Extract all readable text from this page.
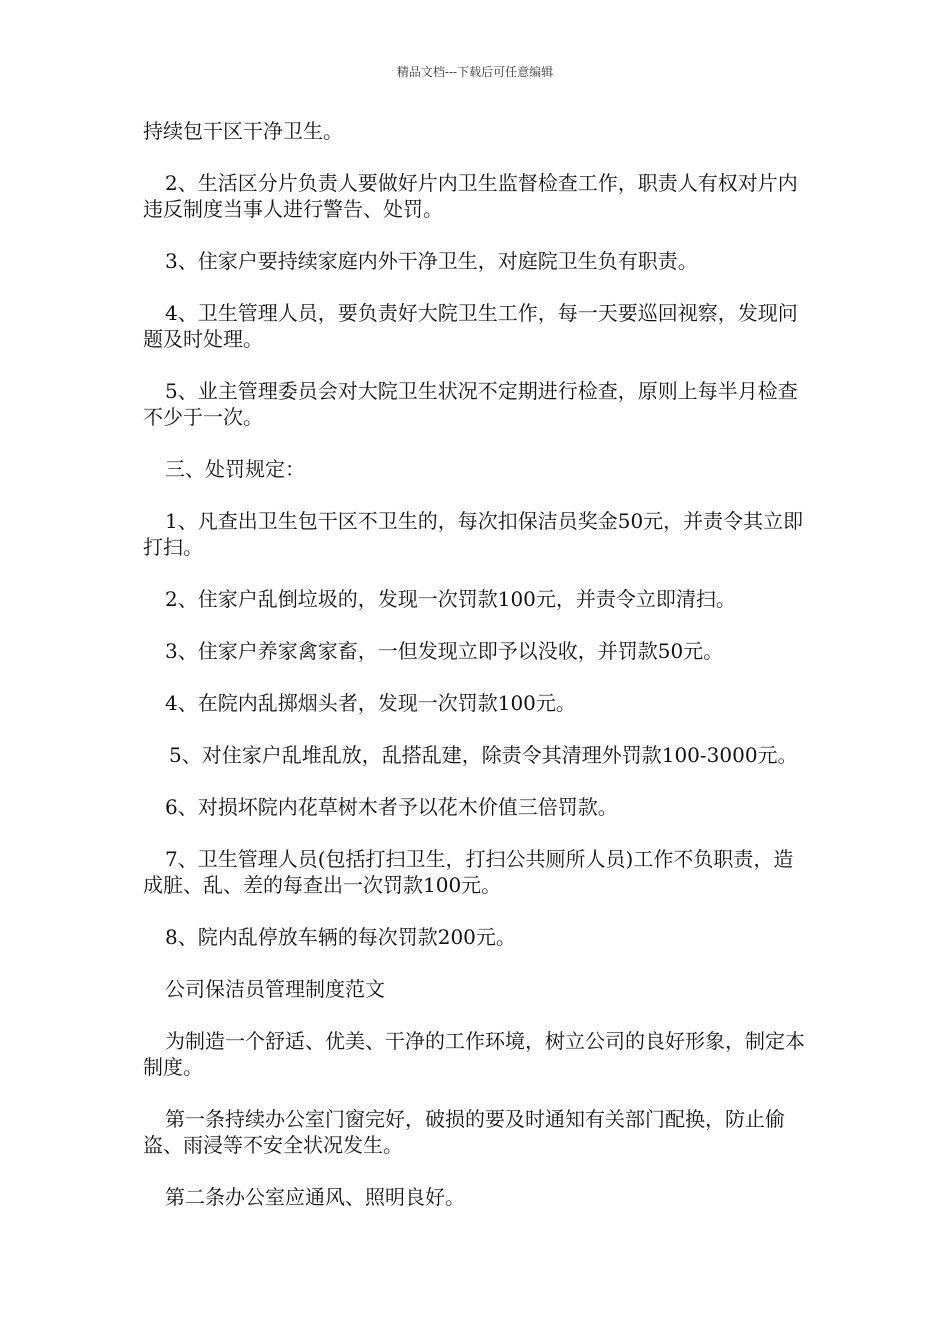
精品文档---下载后可任意编辑

持续包干区干净卫生。

2、生活区分片负责人要做好片内卫生监督检查工作，职责人有权对片内违反制度当事人进行警告、处罚。

3、住家户要持续家庭内外干净卫生，对庭院卫生负有职责。

4、卫生管理人员，要负责好大院卫生工作，每一天要巡回视察，发现问题及时处理。

5、业主管理委员会对大院卫生状况不定期进行检查，原则上每半月检查不少于一次。

三、处罚规定：

1、凡查出卫生包干区不卫生的，每次扣保洁员奖金50元，并责令其立即打扫。

2、住家户乱倒垃圾的，发现一次罚款100元，并责令立即清扫。

3、住家户养家禽家畜，一但发现立即予以没收，并罚款50元。

4、在院内乱掷烟头者，发现一次罚款100元。

5、对住家户乱堆乱放，乱搭乱建，除责令其清理外罚款100-3000元。

6、对损坏院内花草树木者予以花木价值三倍罚款。

7、卫生管理人员(包括打扫卫生，打扫公共厕所人员)工作不负职责，造成脏、乱、差的每查出一次罚款100元。

8、院内乱停放车辆的每次罚款200元。

公司保洁员管理制度范文

为制造一个舒适、优美、干净的工作环境，树立公司的良好形象，制定本制度。

第一条持续办公室门窗完好，破损的要及时通知有关部门配换，防止偷盗、雨浸等不安全状况发生。

第二条办公室应通风、照明良好。
